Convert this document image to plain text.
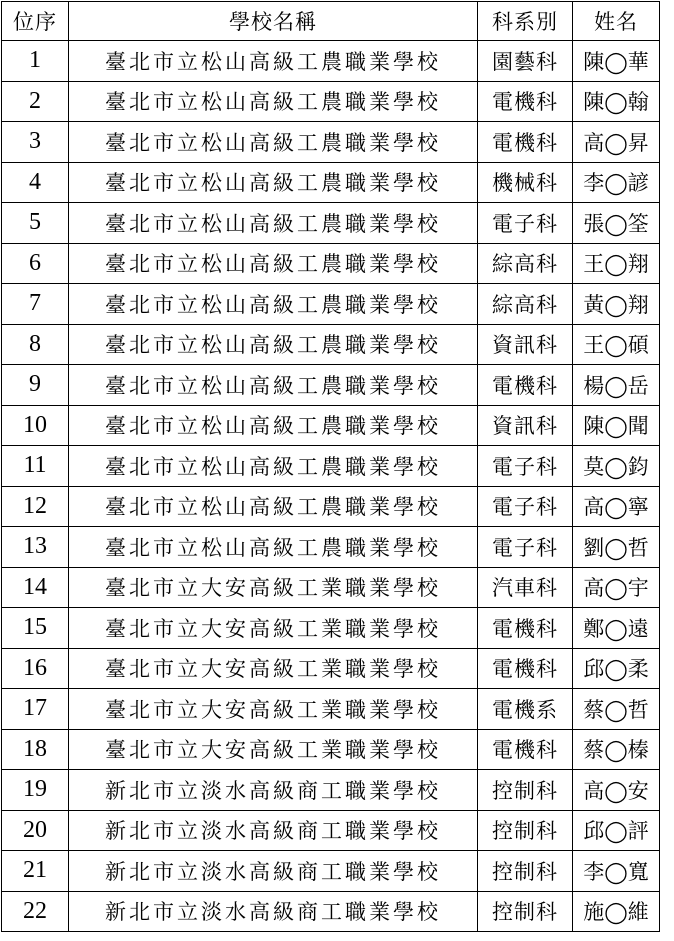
位序	學校名稱	科系別	姓名
1	臺北市立松山高級工農職業學校	園藝科	陳◯華
2	臺北市立松山高級工農職業學校	電機科	陳◯翰
3	臺北市立松山高級工農職業學校	電機科	高◯昇
4	臺北市立松山高級工農職業學校	機械科	李◯諺
5	臺北市立松山高級工農職業學校	電子科	張◯筌
6	臺北市立松山高級工農職業學校	綜高科	王◯翔
7	臺北市立松山高級工農職業學校	綜高科	黃◯翔
8	臺北市立松山高級工農職業學校	資訊科	王◯碩
9	臺北市立松山高級工農職業學校	電機科	楊◯岳
10	臺北市立松山高級工農職業學校	資訊科	陳◯聞
11	臺北市立松山高級工農職業學校	電子科	莫◯鈞
12	臺北市立松山高級工農職業學校	電子科	高◯寧
13	臺北市立松山高級工農職業學校	電子科	劉◯哲
14	臺北市立大安高級工業職業學校	汽車科	高◯宇
15	臺北市立大安高級工業職業學校	電機科	鄭◯遠
16	臺北市立大安高級工業職業學校	電機科	邱◯柔
17	臺北市立大安高級工業職業學校	電機系	蔡◯哲
18	臺北市立大安高級工業職業學校	電機科	蔡◯榛
19	新北市立淡水高級商工職業學校	控制科	高◯安
20	新北市立淡水高級商工職業學校	控制科	邱◯評
21	新北市立淡水高級商工職業學校	控制科	李◯寬
22	新北市立淡水高級商工職業學校	控制科	施◯維
